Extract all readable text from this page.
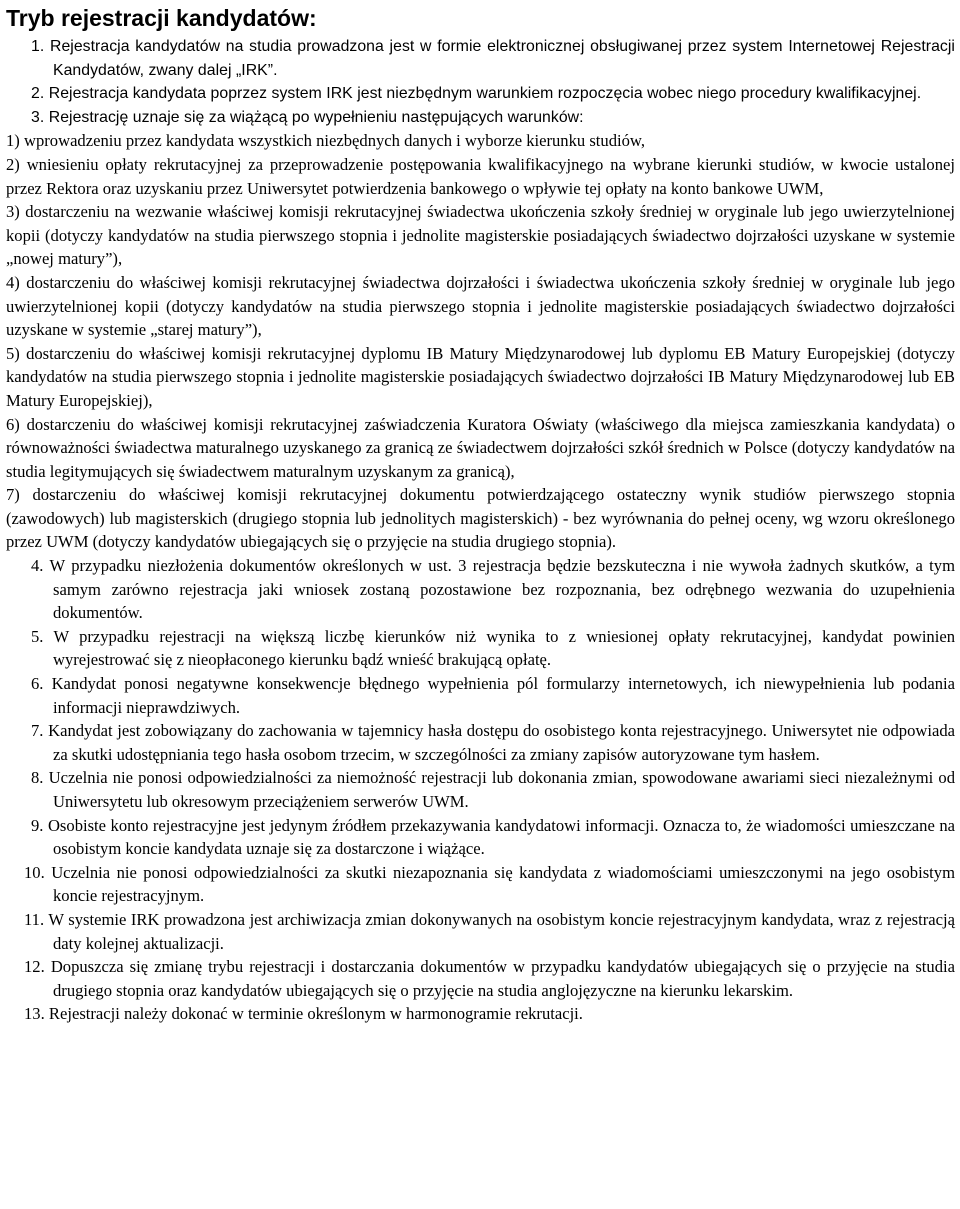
Tryb rejestracji kandydatów:

1. Rejestracja kandydatów na studia prowadzona jest w formie elektronicznej obsługiwanej przez system Internetowej Rejestracji Kandydatów, zwany dalej „IRK”.

2. Rejestracja kandydata poprzez system IRK jest niezbędnym warunkiem rozpoczęcia wobec niego procedury kwalifikacyjnej.

3. Rejestrację uznaje się za wiążącą po wypełnieniu następujących warunków:

1) wprowadzeniu przez kandydata wszystkich niezbędnych danych i wyborze kierunku studiów,

2) wniesieniu opłaty rekrutacyjnej za przeprowadzenie postępowania kwalifikacyjnego na wybrane kierunki studiów, w kwocie ustalonej przez Rektora oraz uzyskaniu przez Uniwersytet potwierdzenia bankowego o wpływie tej opłaty na konto bankowe UWM,

3) dostarczeniu na wezwanie właściwej komisji rekrutacyjnej świadectwa ukończenia szkoły średniej w oryginale lub jego uwierzytelnionej kopii (dotyczy kandydatów na studia pierwszego stopnia i jednolite magisterskie posiadających świadectwo dojrzałości uzyskane w systemie „nowej matury”),

4) dostarczeniu do właściwej komisji rekrutacyjnej świadectwa dojrzałości i świadectwa ukończenia szkoły średniej w oryginale lub jego uwierzytelnionej kopii (dotyczy kandydatów na studia pierwszego stopnia i jednolite magisterskie posiadających świadectwo dojrzałości uzyskane w systemie „starej matury”),

5) dostarczeniu do właściwej komisji rekrutacyjnej dyplomu IB Matury Międzynarodowej lub dyplomu EB Matury Europejskiej (dotyczy kandydatów na studia pierwszego stopnia i jednolite magisterskie posiadających świadectwo dojrzałości IB Matury Międzynarodowej lub EB Matury Europejskiej),

6) dostarczeniu do właściwej komisji rekrutacyjnej zaświadczenia Kuratora Oświaty (właściwego dla miejsca zamieszkania kandydata) o równoważności świadectwa maturalnego uzyskanego za granicą ze świadectwem dojrzałości szkół średnich w Polsce (dotyczy kandydatów na studia legitymujących się świadectwem maturalnym uzyskanym za granicą),

7) dostarczeniu do właściwej komisji rekrutacyjnej dokumentu potwierdzającego ostateczny wynik studiów pierwszego stopnia (zawodowych) lub magisterskich (drugiego stopnia lub jednolitych magisterskich) - bez wyrównania do pełnej oceny, wg wzoru określonego przez UWM (dotyczy kandydatów ubiegających się o przyjęcie na studia drugiego stopnia).

4. W przypadku niezłożenia dokumentów określonych w ust. 3 rejestracja będzie bezskuteczna i nie wywoła żadnych skutków, a tym samym zarówno rejestracja jaki wniosek zostaną pozostawione bez rozpoznania, bez odrębnego wezwania do uzupełnienia dokumentów.

5. W przypadku rejestracji na większą liczbę kierunków niż wynika to z wniesionej opłaty rekrutacyjnej, kandydat powinien wyrejestrować się z nieopłaconego kierunku bądź wnieść brakującą opłatę.

6. Kandydat ponosi negatywne konsekwencje błędnego wypełnienia pól formularzy internetowych, ich niewypełnienia lub podania informacji nieprawdziwych.

7. Kandydat jest zobowiązany do zachowania w tajemnicy hasła dostępu do osobistego konta rejestracyjnego. Uniwersytet nie odpowiada za skutki udostępniania tego hasła osobom trzecim, w szczególności za zmiany zapisów autoryzowane tym hasłem.

8. Uczelnia nie ponosi odpowiedzialności za niemożność rejestracji lub dokonania zmian, spowodowane awariami sieci niezależnymi od Uniwersytetu lub okresowym przeciążeniem serwerów UWM.

9. Osobiste konto rejestracyjne jest jedynym źródłem przekazywania kandydatowi informacji. Oznacza to, że wiadomości umieszczane na osobistym koncie kandydata uznaje się za dostarczone i wiążące.

10. Uczelnia nie ponosi odpowiedzialności za skutki niezapoznania się kandydata z wiadomościami umieszczonymi na jego osobistym koncie rejestracyjnym.

11. W systemie IRK prowadzona jest archiwizacja zmian dokonywanych na osobistym koncie rejestracyjnym kandydata, wraz z rejestracją daty kolejnej aktualizacji.

12. Dopuszcza się zmianę trybu rejestracji i dostarczania dokumentów w przypadku kandydatów ubiegających się o przyjęcie na studia drugiego stopnia oraz kandydatów ubiegających się o przyjęcie na studia anglojęzyczne na kierunku lekarskim.

13. Rejestracji należy dokonać w terminie określonym w harmonogramie rekrutacji.
